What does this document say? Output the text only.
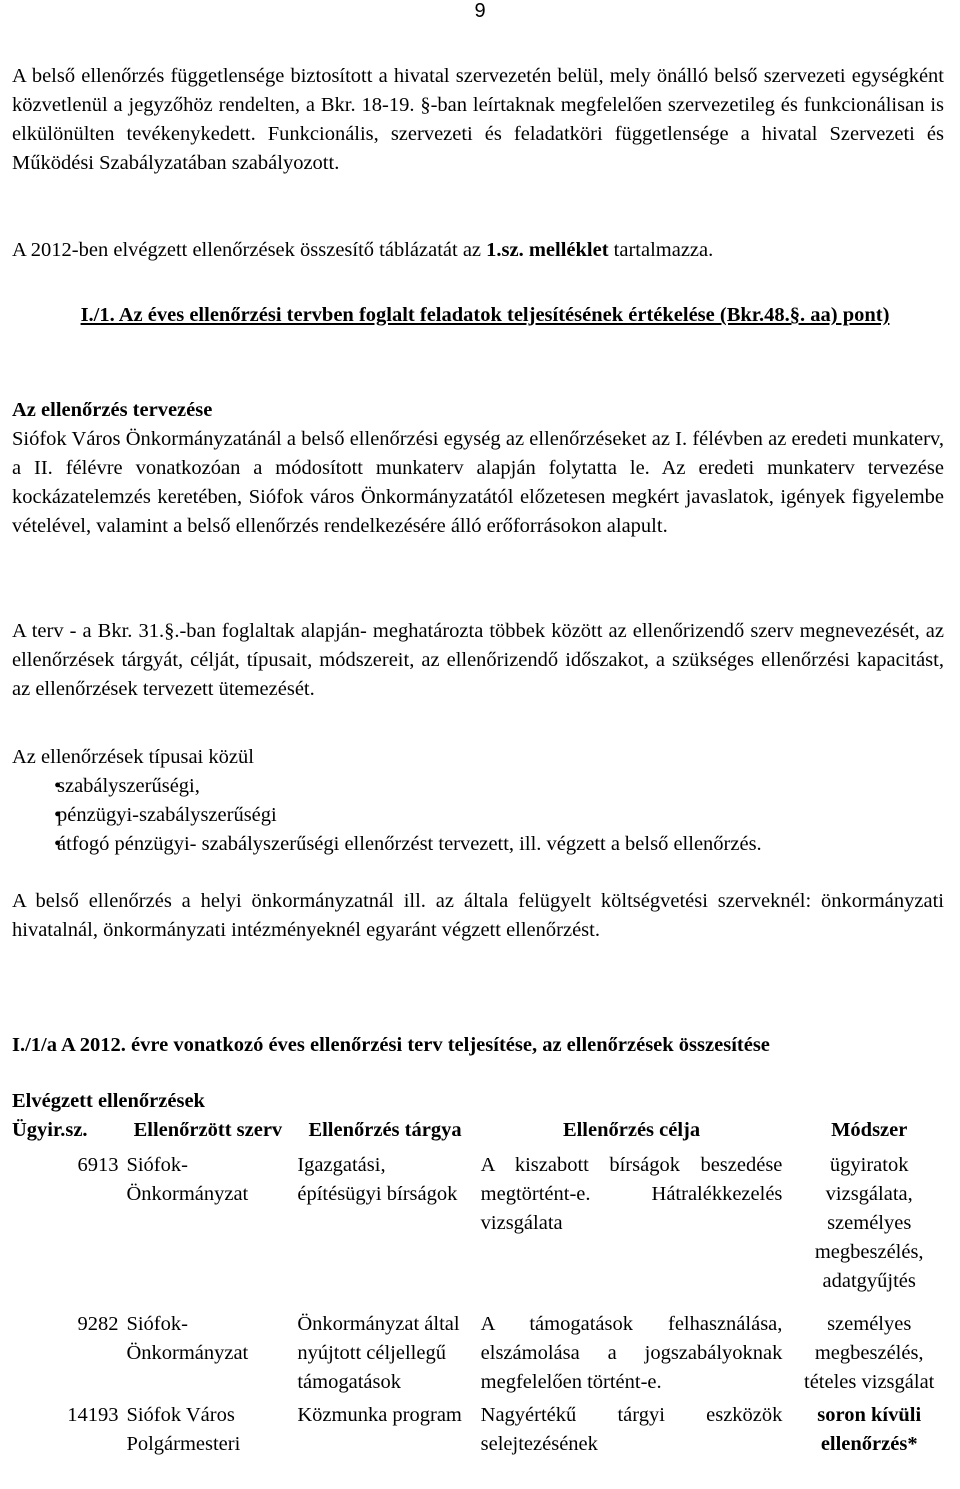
9
A belső ellenőrzés függetlensége biztosított a hivatal szervezetén belül, mely önálló belső szervezeti egységként közvetlenül a jegyzőhöz rendelten, a Bkr. 18-19. §-ban leírtaknak megfelelően szervezetileg és funkcionálisan is elkülönülten tevékenykedett. Funkcionális, szervezeti és feladatköri függetlensége a hivatal Szervezeti és Működési Szabályzatában szabályozott.
A 2012-ben elvégzett ellenőrzések összesítő táblázatát az 1.sz. melléklet tartalmazza.
I./1. Az éves ellenőrzési tervben foglalt feladatok teljesítésének értékelése (Bkr.48.§. aa) pont)
Az ellenőrzés tervezése
Siófok Város Önkormányzatánál a belső ellenőrzési egység az ellenőrzéseket az I. félévben az eredeti munkaterv, a II. félévre vonatkozóan a módosított munkaterv alapján folytatta le. Az eredeti munkaterv tervezése kockázatelemzés keretében, Siófok város Önkormányzatától előzetesen megkért javaslatok, igények figyelembe vételével, valamint a belső ellenőrzés rendelkezésére álló erőforrásokon alapult.
A terv - a Bkr. 31.§.-ban foglaltak alapján- meghatározta többek között az ellenőrizendő szerv megnevezését, az ellenőrzések tárgyát, célját, típusait, módszereit, az ellenőrizendő időszakot, a szükséges ellenőrzési kapacitást, az ellenőrzések tervezett ütemezését.
Az ellenőrzések típusai közül
• szabályszerűségi,
• pénzügyi-szabályszerűségi
• átfogó pénzügyi- szabályszerűségi ellenőrzést tervezett, ill. végzett a belső ellenőrzés.
A belső ellenőrzés a helyi önkormányzatnál ill. az általa felügyelt költségvetési szerveknél: önkormányzati hivatalnál, önkormányzati intézményeknél egyaránt végzett ellenőrzést.
I./1/a A 2012. évre vonatkozó éves ellenőrzési terv teljesítése, az ellenőrzések összesítése
Elvégzett ellenőrzések
Ügyir.sz.	Ellenőrzött szerv	Ellenőrzés tárgya	Ellenőrzés célja	Módszer

6913	Siófok-Önkormányzat	Igazgatási, építésügyi bírságok	A kiszabott bírságok beszedése megtörtént-e. Hátralékkezelés vizsgálata	ügyiratok vizsgálata, személyes megbeszélés, adatgyűjtés

9282	Siófok-Önkormányzat	Önkormányzat által nyújtott céljellegű támogatások	A támogatások felhasználása, elszámolása a jogszabályoknak megfelelően történt-e.	személyes megbeszélés, tételes vizsgálat

14193	Siófok Város Polgármesteri	Közmunka program	Nagyértékű tárgyi eszközök selejtezésének	soron kívüli ellenőrzés*
